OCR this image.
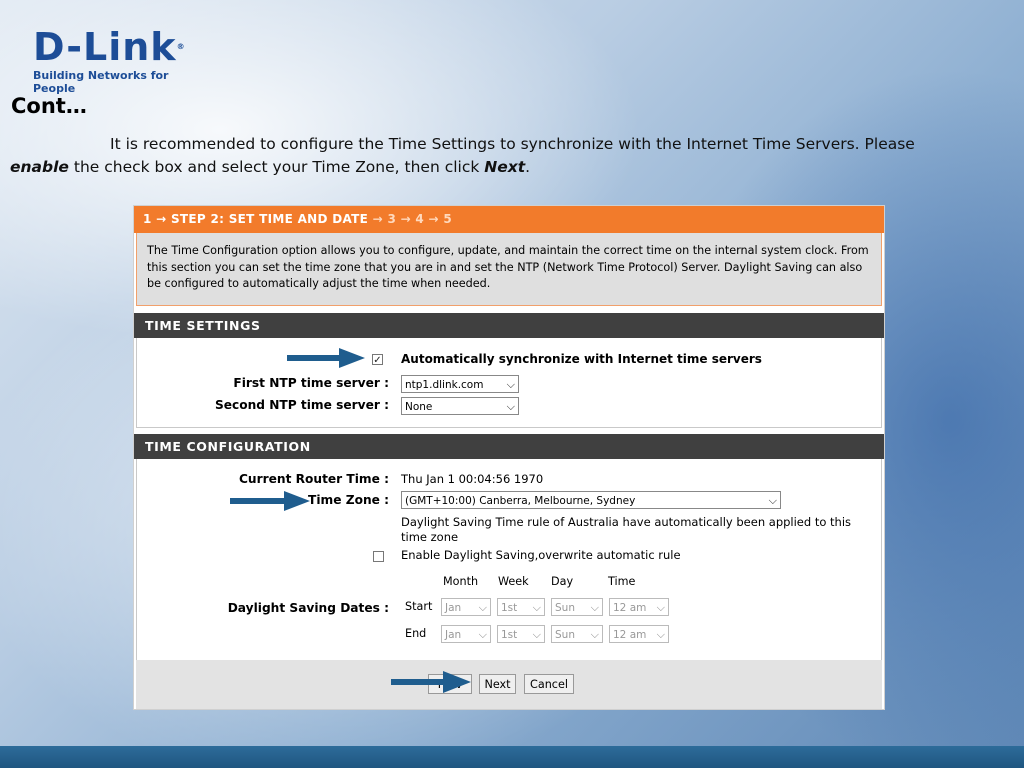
D-Link®
Building Networks for People
Cont…
It is recommended to configure the Time Settings to synchronize with the Internet Time Servers. Please enable the check box and select your Time Zone, then click Next.
1 → STEP 2: SET TIME AND DATE → 3 → 4 → 5
The Time Configuration option allows you to configure, update, and maintain the correct time on the internal system clock. From this section you can set the time zone that you are in and set the NTP (Network Time Protocol) Server. Daylight Saving can also be configured to automatically adjust the time when needed.
TIME SETTINGS
✓ Automatically synchronize with Internet time servers
First NTP time server :	ntp1.dlink.com ⌵
Second NTP time server :	None	⌵
TIME CONFIGURATION
Current Router Time : Thu Jan 1 00:04:56 1970
Time Zone :	(GMT+10:00) Canberra, Melbourne, Sydney	⌵
Daylight Saving Time rule of Australia have automatically been applied to this time zone
Enable Daylight Saving,overwrite automatic rule
Month Week Day	Time
Daylight Saving Dates : Start	Jan ⌵	1st ⌵	Sun ⌵	12 am ⌵
End	Jan ⌵	1st ⌵	Sun ⌵	12 am ⌵
Next	Cancel
